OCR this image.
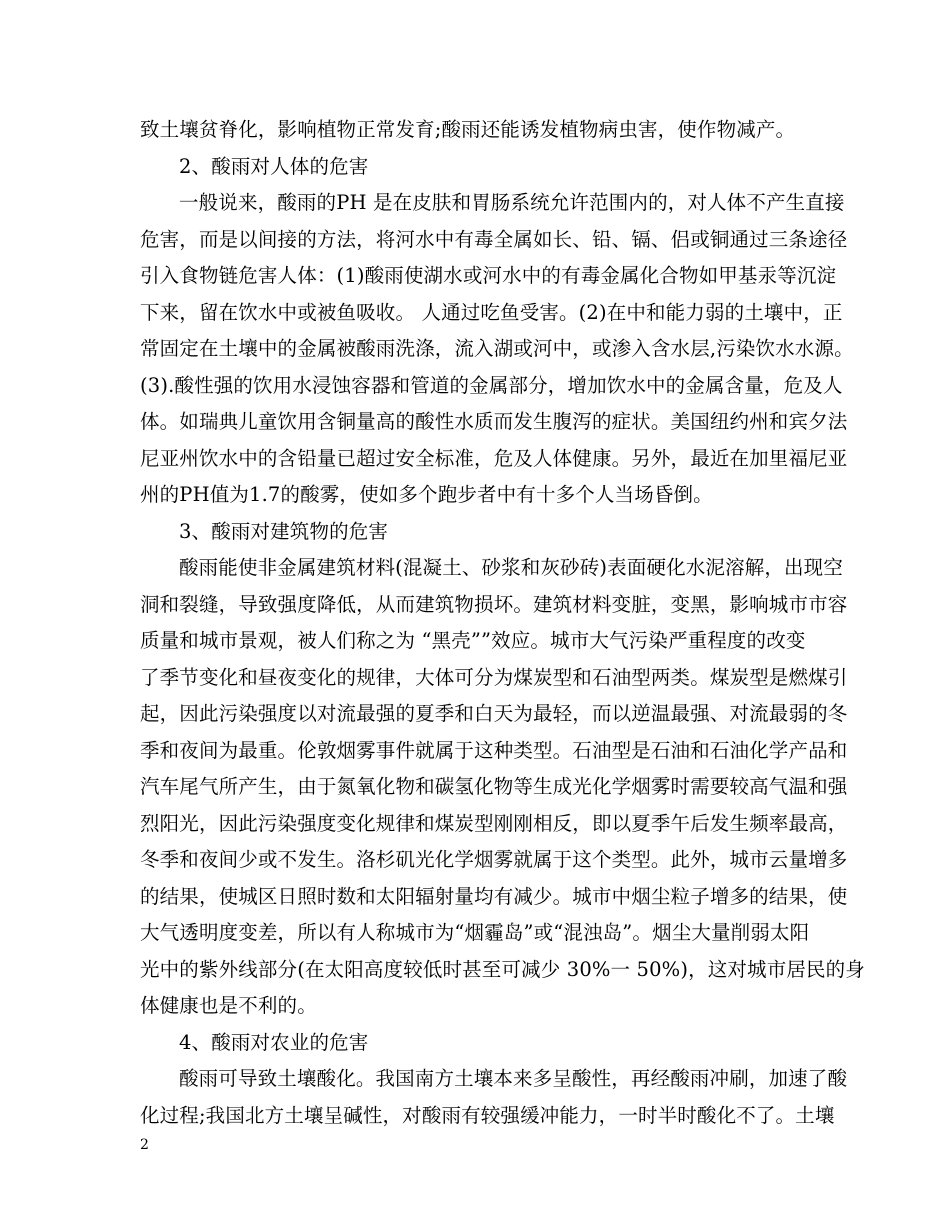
致土壤贫脊化，影响植物正常发育;酸雨还能诱发植物病虫害，使作物减产。
2、酸雨对人体的危害
一般说来，酸雨的PH 是在皮肤和胃肠系统允许范围内的，对人体不产生直接
危害，而是以间接的方法，将河水中有毒全属如长、铅、镉、侣或铜通过三条途径
引入食物链危害人体：(1)酸雨使湖水或河水中的有毒金属化合物如甲基汞等沉淀
下来，留在饮水中或被鱼吸收。 人通过吃鱼受害。(2)在中和能力弱的土壤中，正
常固定在土壤中的金属被酸雨洗涤，流入湖或河中，或渗入含水层,污染饮水水源。
(3).酸性强的饮用水浸蚀容器和管道的金属部分，增加饮水中的金属含量，危及人
体。如瑞典儿童饮用含铜量高的酸性水质而发生腹泻的症状。美国纽约州和宾夕法
尼亚州饮水中的含铅量已超过安全标准，危及人体健康。另外，最近在加里福尼亚
州的PH值为1.7的酸雾，使如多个跑步者中有十多个人当场昏倒。
3、酸雨对建筑物的危害
酸雨能使非金属建筑材料(混凝土、砂浆和灰砂砖)表面硬化水泥溶解，出现空
洞和裂缝，导致强度降低，从而建筑物损坏。建筑材料变脏，变黑，影响城市市容
质量和城市景观，被人们称之为 “黑壳””效应。城市大气污染严重程度的改变
了季节变化和昼夜变化的规律，大体可分为煤炭型和石油型两类。煤炭型是燃煤引
起，因此污染强度以对流最强的夏季和白天为最轻，而以逆温最强、对流最弱的冬
季和夜间为最重。伦敦烟雾事件就属于这种类型。石油型是石油和石油化学产品和
汽车尾气所产生，由于氮氧化物和碳氢化物等生成光化学烟雾时需要较高气温和强
烈阳光，因此污染强度变化规律和煤炭型刚刚相反，即以夏季午后发生频率最高，
冬季和夜间少或不发生。洛杉矶光化学烟雾就属于这个类型。此外，城市云量增多
的结果，使城区日照时数和太阳辐射量均有减少。城市中烟尘粒子增多的结果，使
大气透明度变差，所以有人称城市为“烟霾岛”或“混浊岛”。烟尘大量削弱太阳
光中的紫外线部分(在太阳高度较低时甚至可减少 30%一 50%)，这对城市居民的身
体健康也是不利的。
4、酸雨对农业的危害
酸雨可导致土壤酸化。我国南方土壤本来多呈酸性，再经酸雨冲刷，加速了酸
化过程;我国北方土壤呈碱性，对酸雨有较强缓冲能力，一时半时酸化不了。土壤
2
